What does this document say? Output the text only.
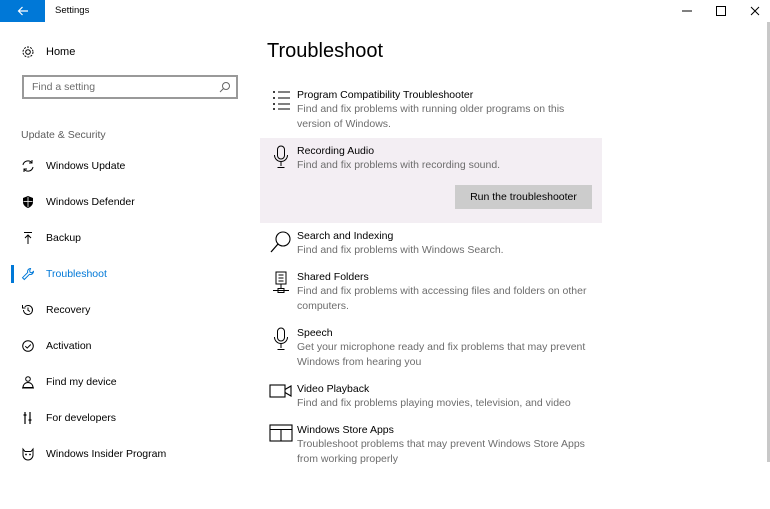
Settings
Home
Find a setting
Update & Security
Windows Update
Windows Defender
Backup
Troubleshoot
Recovery
Activation
Find my device
For developers
Windows Insider Program
Troubleshoot
Program Compatibility Troubleshooter
Find and fix problems with running older programs on this version of Windows.
Recording Audio
Find and fix problems with recording sound.
Run the troubleshooter
Search and Indexing
Find and fix problems with Windows Search.
Shared Folders
Find and fix problems with accessing files and folders on other computers.
Speech
Get your microphone ready and fix problems that may prevent Windows from hearing you
Video Playback
Find and fix problems playing movies, television, and video
Windows Store Apps
Troubleshoot problems that may prevent Windows Store Apps from working properly
